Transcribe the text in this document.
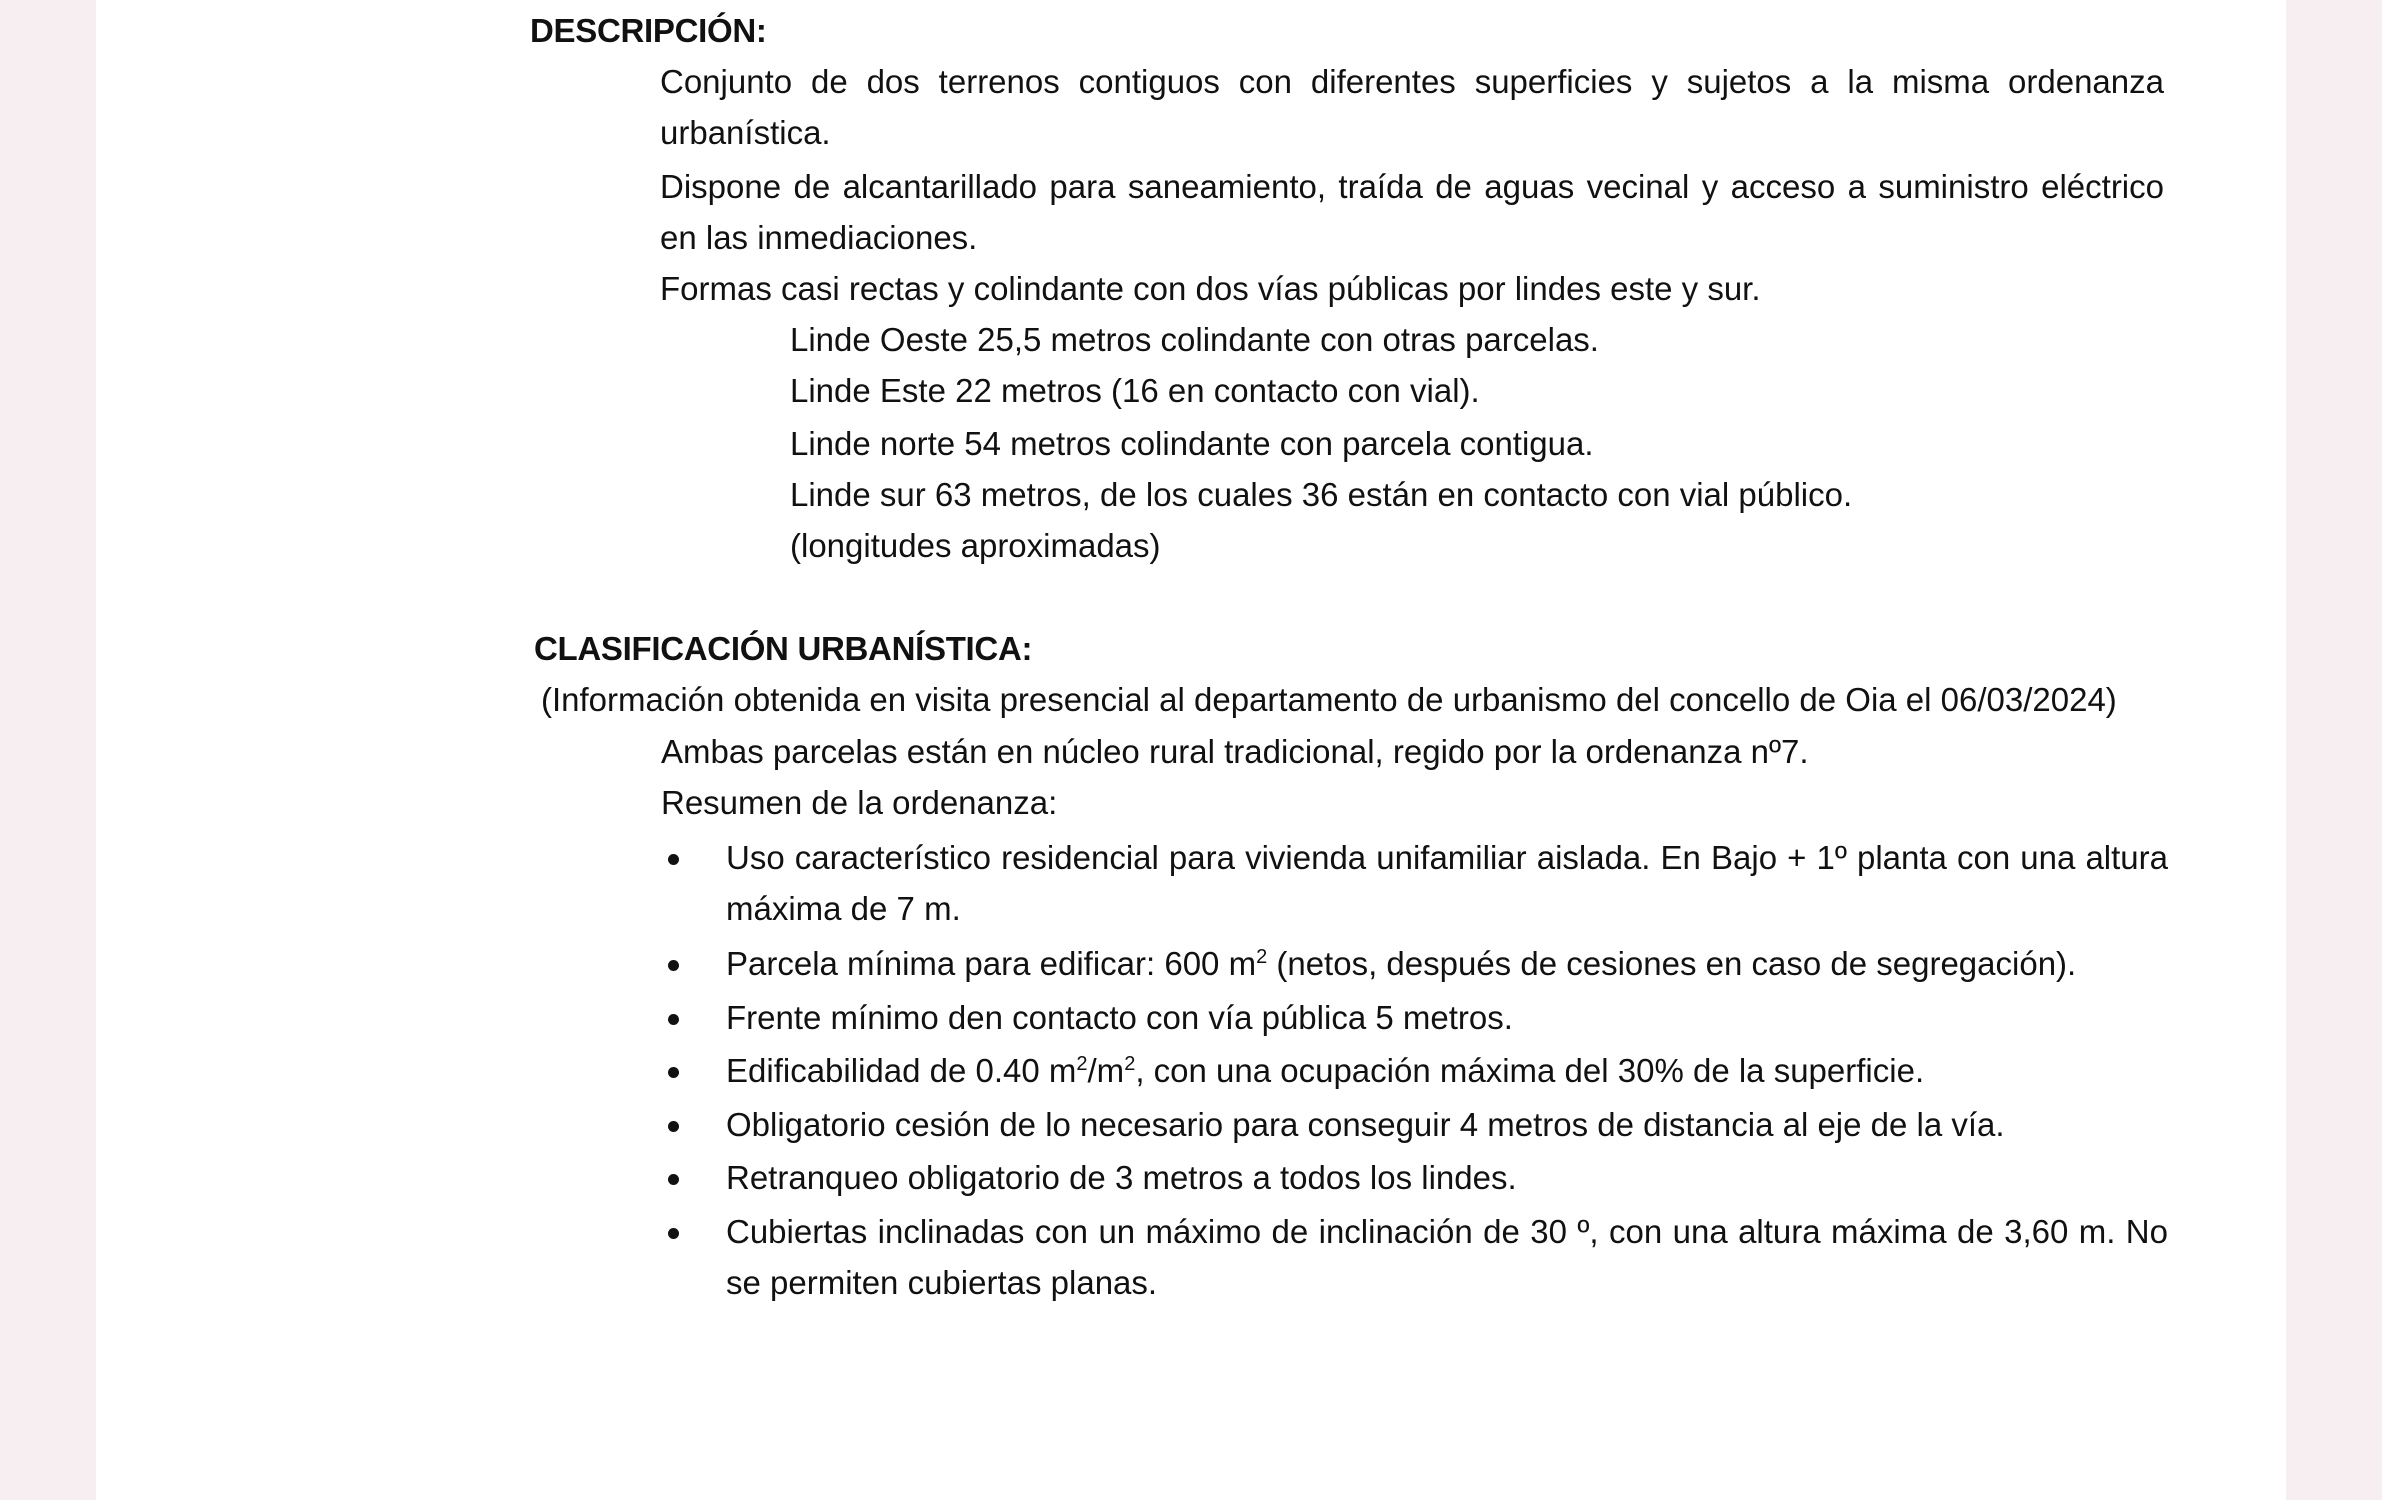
DESCRIPCIÓN:
Conjunto de dos terrenos contiguos con diferentes superficies y sujetos a la misma ordenanza urbanística.
Dispone de alcantarillado para saneamiento, traída de aguas vecinal y acceso a suministro eléctrico en las inmediaciones.
Formas casi rectas y colindante con dos vías públicas por lindes este y sur.
Linde Oeste 25,5 metros colindante con otras parcelas.
Linde Este 22 metros (16 en contacto con vial).
Linde norte 54 metros colindante con parcela contigua.
Linde sur 63 metros, de los cuales 36 están en contacto con vial público.
(longitudes aproximadas)
CLASIFICACIÓN URBANÍSTICA:
(Información obtenida en visita presencial al departamento de urbanismo del concello de Oia el 06/03/2024)
Ambas parcelas están en núcleo rural tradicional, regido por la ordenanza nº7.
Resumen de la ordenanza:
Uso característico residencial para vivienda unifamiliar aislada. En Bajo + 1º planta con una altura máxima de 7 m.
Parcela mínima para edificar: 600 $m^2$ (netos, después de cesiones en caso de segregación).
Frente mínimo den contacto con vía pública 5 metros.
Edificabilidad de 0.40 $m^2/m^2$, con una ocupación máxima del 30% de la superficie.
Obligatorio cesión de lo necesario para conseguir 4 metros de distancia al eje de la vía.
Retranqueo obligatorio de 3 metros a todos los lindes.
Cubiertas inclinadas con un máximo de inclinación de 30 º, con una altura máxima de 3,60 m. No se permiten cubiertas planas.
